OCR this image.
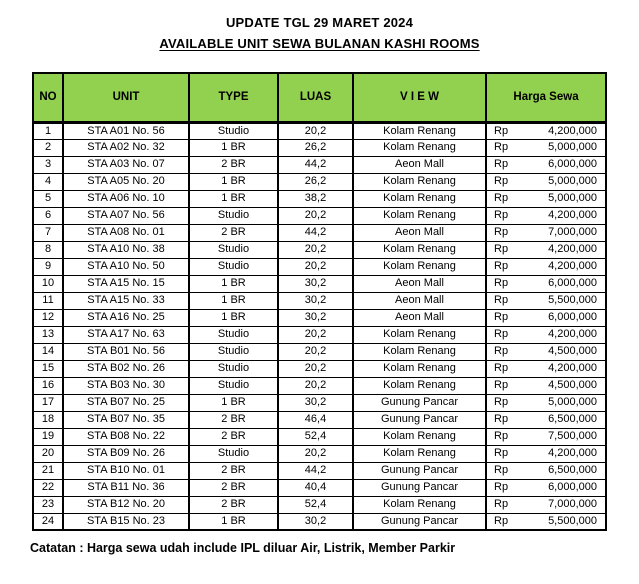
UPDATE TGL 29 MARET 2024
AVAILABLE UNIT SEWA BULANAN KASHI ROOMS
NO	UNIT	TYPE	LUAS	V I E W	Harga Sewa
1	STA A01 No. 56	Studio	20,2	Kolam Renang	Rp 4,200,000

2	STA A02 No. 32	1 BR	26,2	Kolam Renang	Rp 5,000,000

3	STA A03 No. 07	2 BR	44,2	Aeon Mall	Rp 6,000,000

4	STA A05 No. 20	1 BR	26,2	Kolam Renang	Rp 5,000,000

5	STA A06 No. 10	1 BR	38,2	Kolam Renang	Rp 5,000,000

6	STA A07 No. 56	Studio	20,2	Kolam Renang	Rp 4,200,000

7	STA A08 No. 01	2 BR	44,2	Aeon Mall	Rp 7,000,000

8	STA A10 No. 38	Studio	20,2	Kolam Renang	Rp 4,200,000

9	STA A10 No. 50	Studio	20,2	Kolam Renang	Rp 4,200,000

10	STA A15 No. 15	1 BR	30,2	Aeon Mall	Rp 6,000,000

11	STA A15 No. 33	1 BR	30,2	Aeon Mall	Rp 5,500,000

12	STA A16 No. 25	1 BR	30,2	Aeon Mall	Rp 6,000,000

13	STA A17 No. 63	Studio	20,2	Kolam Renang	Rp 4,200,000

14	STA B01 No. 56	Studio	20,2	Kolam Renang	Rp 4,500,000

15	STA B02 No. 26	Studio	20,2	Kolam Renang	Rp 4,200,000

16	STA B03 No. 30	Studio	20,2	Kolam Renang	Rp 4,500,000

17	STA B07 No. 25	1 BR	30,2	Gunung Pancar	Rp 5,000,000

18	STA B07 No. 35	2 BR	46,4	Gunung Pancar	Rp 6,500,000

19	STA B08 No. 22	2 BR	52,4	Kolam Renang	Rp 7,500,000

20	STA B09 No. 26	Studio	20,2	Kolam Renang	Rp 4,200,000

21	STA B10 No. 01	2 BR	44,2	Gunung Pancar	Rp 6,500,000

22	STA B11 No. 36	2 BR	40,4	Gunung Pancar	Rp 6,000,000

23	STA B12 No. 20	2 BR	52,4	Kolam Renang	Rp 7,000,000

24	STA B15 No. 23	1 BR	30,2	Gunung Pancar	Rp 5,500,000
Catatan : Harga sewa udah include IPL diluar Air, Listrik, Member Parkir
